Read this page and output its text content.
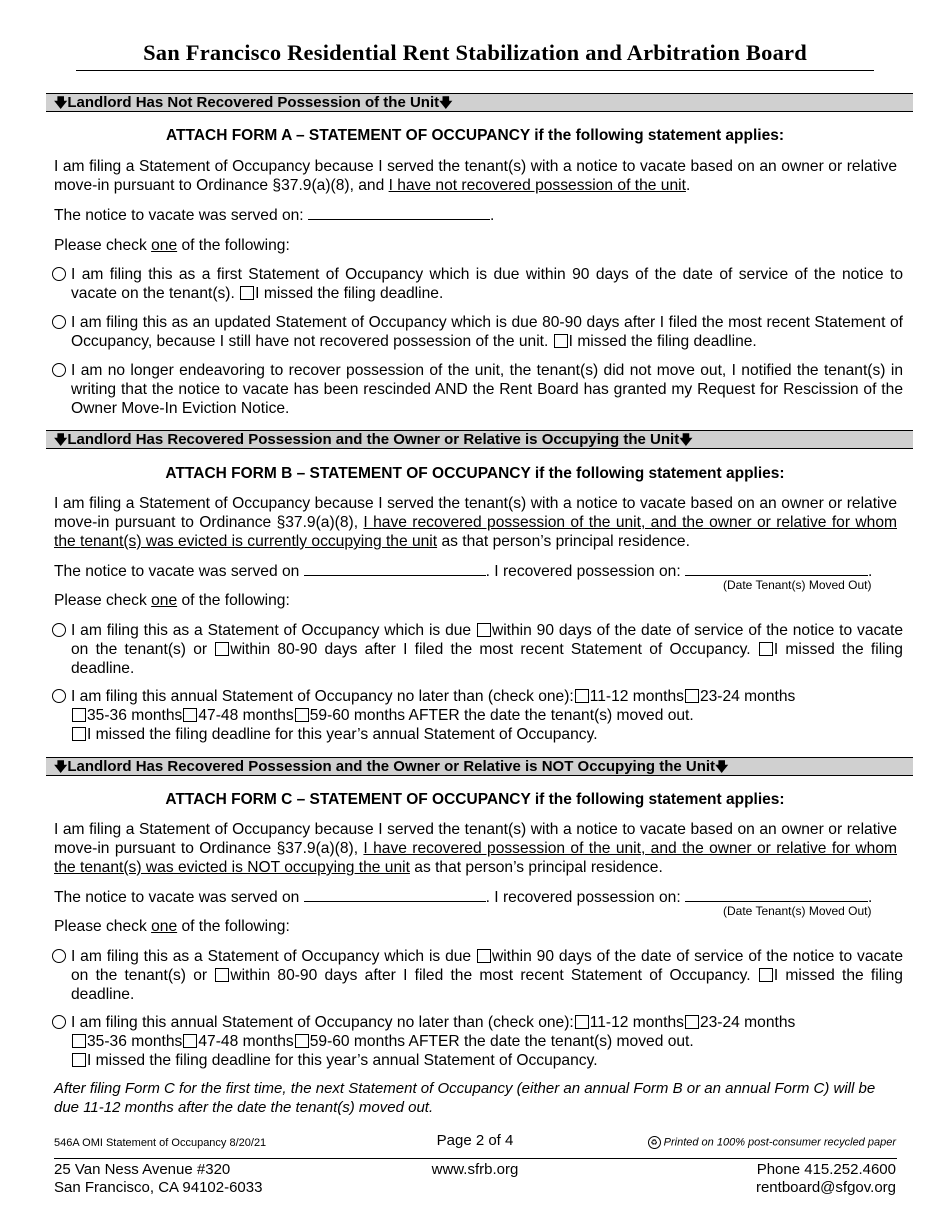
San Francisco Residential Rent Stabilization and Arbitration Board
🡇Landlord Has Not Recovered Possession of the Unit🡇
ATTACH FORM A – STATEMENT OF OCCUPANCY if the following statement applies:
I am filing a Statement of Occupancy because I served the tenant(s) with a notice to vacate based on an owner or relative move-in pursuant to Ordinance §37.9(a)(8), and I have not recovered possession of the unit.
The notice to vacate was served on:	.
Please check one of the following:
I am filing this as a first Statement of Occupancy which is due within 90 days of the date of service of the notice to vacate on the tenant(s). I missed the filing deadline.
I am filing this as an updated Statement of Occupancy which is due 80-90 days after I filed the most recent Statement of Occupancy, because I still have not recovered possession of the unit. I missed the filing deadline.
I am no longer endeavoring to recover possession of the unit, the tenant(s) did not move out, I notified the tenant(s) in writing that the notice to vacate has been rescinded AND the Rent Board has granted my Request for Rescission of the Owner Move-In Eviction Notice.
🡇Landlord Has Recovered Possession and the Owner or Relative is Occupying the Unit🡇
ATTACH FORM B – STATEMENT OF OCCUPANCY if the following statement applies:
I am filing a Statement of Occupancy because I served the tenant(s) with a notice to vacate based on an owner or relative move-in pursuant to Ordinance §37.9(a)(8), I have recovered possession of the unit, and the owner or relative for whom the tenant(s) was evicted is currently occupying the unit as that person’s principal residence.
The notice to vacate was served on	. I recovered possession on:	.
(Date Tenant(s) Moved Out)
Please check one of the following:
I am filing this as a Statement of Occupancy which is due within 90 days of the date of service of the notice to vacate on the tenant(s) or within 80-90 days after I filed the most recent Statement of Occupancy. I missed the filing deadline.
I am filing this annual Statement of Occupancy no later than (check one): 11-12 months 23-24 months
35-36 months 47-48 months 59-60 months AFTER the date the tenant(s) moved out.
I missed the filing deadline for this year’s annual Statement of Occupancy.
🡇Landlord Has Recovered Possession and the Owner or Relative is NOT Occupying the Unit🡇
ATTACH FORM C – STATEMENT OF OCCUPANCY if the following statement applies:
I am filing a Statement of Occupancy because I served the tenant(s) with a notice to vacate based on an owner or relative move-in pursuant to Ordinance §37.9(a)(8), I have recovered possession of the unit, and the owner or relative for whom the tenant(s) was evicted is NOT occupying the unit as that person’s principal residence.
The notice to vacate was served on	. I recovered possession on:	.
(Date Tenant(s) Moved Out)
Please check one of the following:
I am filing this as a Statement of Occupancy which is due within 90 days of the date of service of the notice to vacate on the tenant(s) or within 80-90 days after I filed the most recent Statement of Occupancy. I missed the filing deadline.
I am filing this annual Statement of Occupancy no later than (check one): 11-12 months 23-24 months
35-36 months 47-48 months 59-60 months AFTER the date the tenant(s) moved out.
I missed the filing deadline for this year’s annual Statement of Occupancy.
After filing Form C for the first time, the next Statement of Occupancy (either an annual Form B or an annual Form C) will be due 11-12 months after the date the tenant(s) moved out.
546A OMI Statement of Occupancy 8/20/21	Page 2 of 4	♻ Printed on 100% post-consumer recycled paper
25 Van Ness Avenue #320
San Francisco, CA 94102-6033
www.sfrb.org	Phone 415.252.4600
rentboard@sfgov.org
